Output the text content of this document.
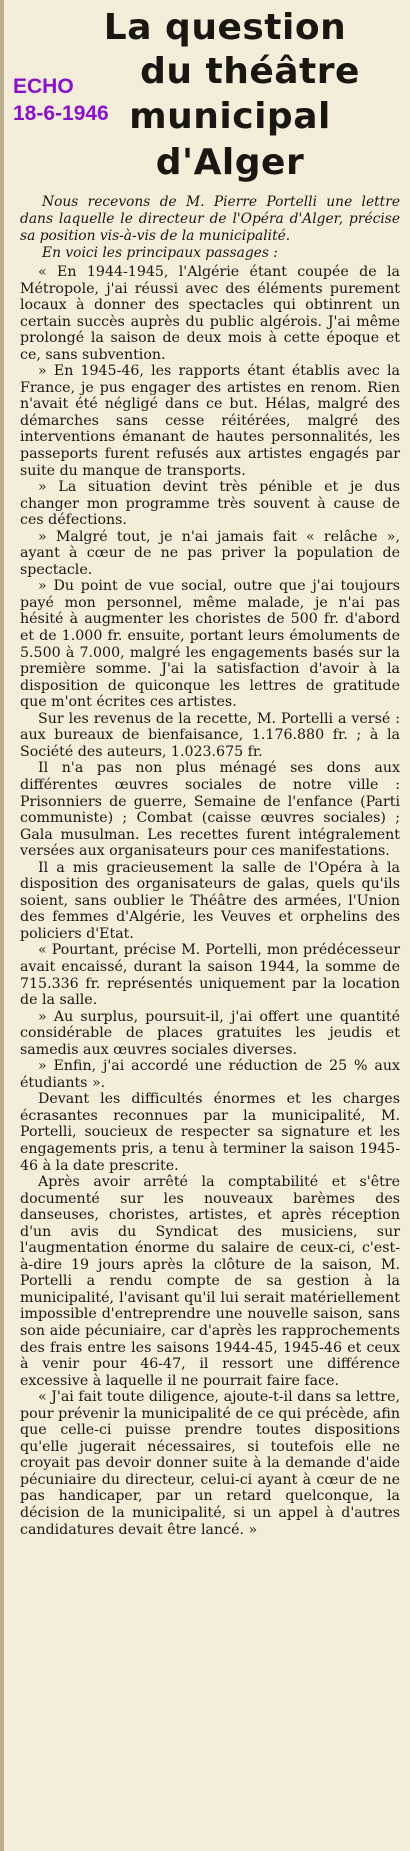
ECHO
18-6-1946
La question
du théâtre
municipal d'Alger

Nous recevons de M. Pierre Portelli une lettre dans laquelle le directeur de l'Opéra d'Alger, précise sa position vis-à-vis de la municipalité.

En voici les principaux passages :

« En 1944-1945, l'Algérie étant coupée de la Métropole, j'ai réussi avec des éléments purement locaux à donner des spectacles qui obtinrent un certain succès auprès du public algérois. J'ai même prolongé la saison de deux mois à cette époque et ce, sans subvention.

» En 1945-46, les rapports étant établis avec la France, je pus engager des artistes en renom. Rien n'avait été négligé dans ce but. Hélas, malgré des démarches sans cesse réitérées, malgré des interventions émanant de hautes personnalités, les passeports furent refusés aux artistes engagés par suite du manque de transports.

» La situation devint très pénible et je dus changer mon programme très souvent à cause de ces défections.

» Malgré tout, je n'ai jamais fait « relâche », ayant à cœur de ne pas priver la population de spectacle.

» Du point de vue social, outre que j'ai toujours payé mon personnel, même malade, je n'ai pas hésité à augmenter les choristes de 500 fr. d'abord et de 1.000 fr. ensuite, portant leurs émoluments de 5.500 à 7.000, malgré les engagements basés sur la première somme. J'ai la satisfaction d'avoir à la disposition de quiconque les lettres de gratitude que m'ont écrites ces artistes.

Sur les revenus de la recette, M. Portelli a versé : aux bureaux de bienfaisance, 1.176.880 fr. ; à la Société des auteurs, 1.023.675 fr.

Il n'a pas non plus ménagé ses dons aux différentes œuvres sociales de notre ville : Prisonniers de guerre, Semaine de l'enfance (Parti communiste) ; Combat (caisse œuvres sociales) ; Gala musulman. Les recettes furent intégralement versées aux organisateurs pour ces manifestations.

Il a mis gracieusement la salle de l'Opéra à la disposition des organisateurs de galas, quels qu'ils soient, sans oublier le Théâtre des armées, l'Union des femmes d'Algérie, les Veuves et orphelins des policiers d'Etat.

« Pourtant, précise M. Portelli, mon prédécesseur avait encaissé, durant la saison 1944, la somme de 715.336 fr. représentés uniquement par la location de la salle.

» Au surplus, poursuit-il, j'ai offert une quantité considérable de places gratuites les jeudis et samedis aux œuvres sociales diverses.

» Enfin, j'ai accordé une réduction de 25 % aux étudiants ».

Devant les difficultés énormes et les charges écrasantes reconnues par la municipalité, M. Portelli, soucieux de respecter sa signature et les engagements pris, a tenu à terminer la saison 1945-46 à la date prescrite.

Après avoir arrêté la comptabilité et s'être documenté sur les nouveaux barèmes des danseuses, choristes, artistes, et après réception d'un avis du Syndicat des musiciens, sur l'augmentation énorme du salaire de ceux-ci, c'est-à-dire 19 jours après la clôture de la saison, M. Portelli a rendu compte de sa gestion à la municipalité, l'avisant qu'il lui serait matériellement impossible d'entreprendre une nouvelle saison, sans son aide pécuniaire, car d'après les rapprochements des frais entre les saisons 1944-45, 1945-46 et ceux à venir pour 46-47, il ressort une différence excessive à laquelle il ne pourrait faire face.

« J'ai fait toute diligence, ajoute-t-il dans sa lettre, pour prévenir la municipalité de ce qui précède, afin que celle-ci puisse prendre toutes dispositions qu'elle jugerait nécessaires, si toutefois elle ne croyait pas devoir donner suite à la demande d'aide pécuniaire du directeur, celui-ci ayant à cœur de ne pas handicaper, par un retard quelconque, la décision de la municipalité, si un appel à d'autres candidatures devait être lancé. »
